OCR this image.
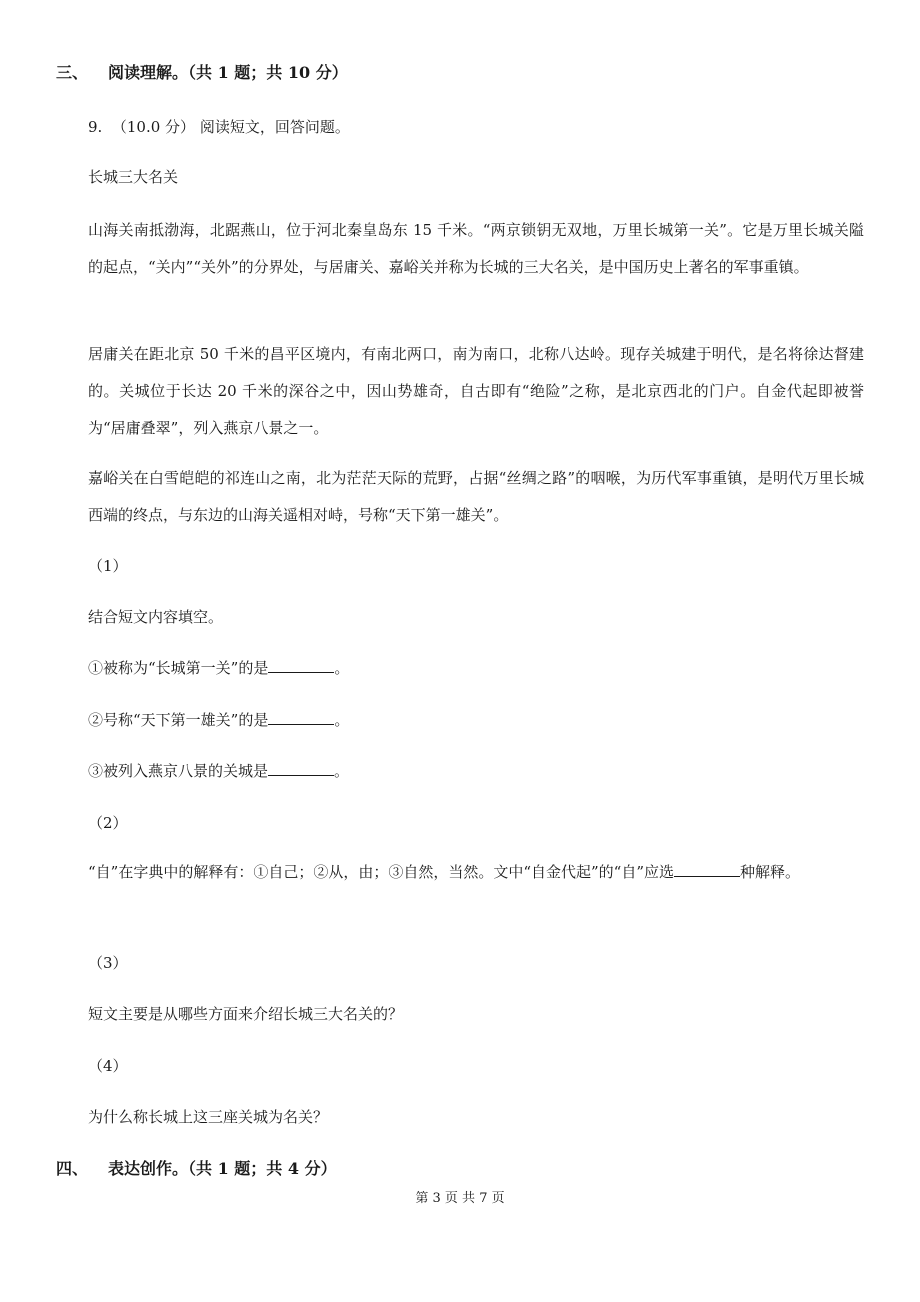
三、 阅读理解。（共 1 题；共 10 分）
9. （10.0 分） 阅读短文，回答问题。
长城三大名关
山海关南抵渤海，北踞燕山，位于河北秦皇岛东 15 千米。“两京锁钥无双地，万里长城第一关”。它是万里长城关隘的起点，“关内”“关外”的分界处，与居庸关、嘉峪关并称为长城的三大名关，是中国历史上著名的军事重镇。
居庸关在距北京 50 千米的昌平区境内，有南北两口，南为南口，北称八达岭。现存关城建于明代，是名将徐达督建的。关城位于长达 20 千米的深谷之中，因山势雄奇，自古即有“绝险”之称，是北京西北的门户。自金代起即被誉为“居庸叠翠”，列入燕京八景之一。
嘉峪关在白雪皑皑的祁连山之南，北为茫茫天际的荒野，占据“丝绸之路”的咽喉，为历代军事重镇，是明代万里长城西端的终点，与东边的山海关遥相对峙，号称“天下第一雄关”。
（1）
结合短文内容填空。
①被称为“长城第一关”的是	。
②号称“天下第一雄关”的是	。
③被列入燕京八景的关城是	。
（2）
“自”在字典中的解释有：①自己；②从，由；③自然，当然。文中“自金代起”的“自”应选	种解释。
（3）
短文主要是从哪些方面来介绍长城三大名关的？
（4）
为什么称长城上这三座关城为名关？
四、 表达创作。（共 1 题；共 4 分）
第 3 页 共 7 页
